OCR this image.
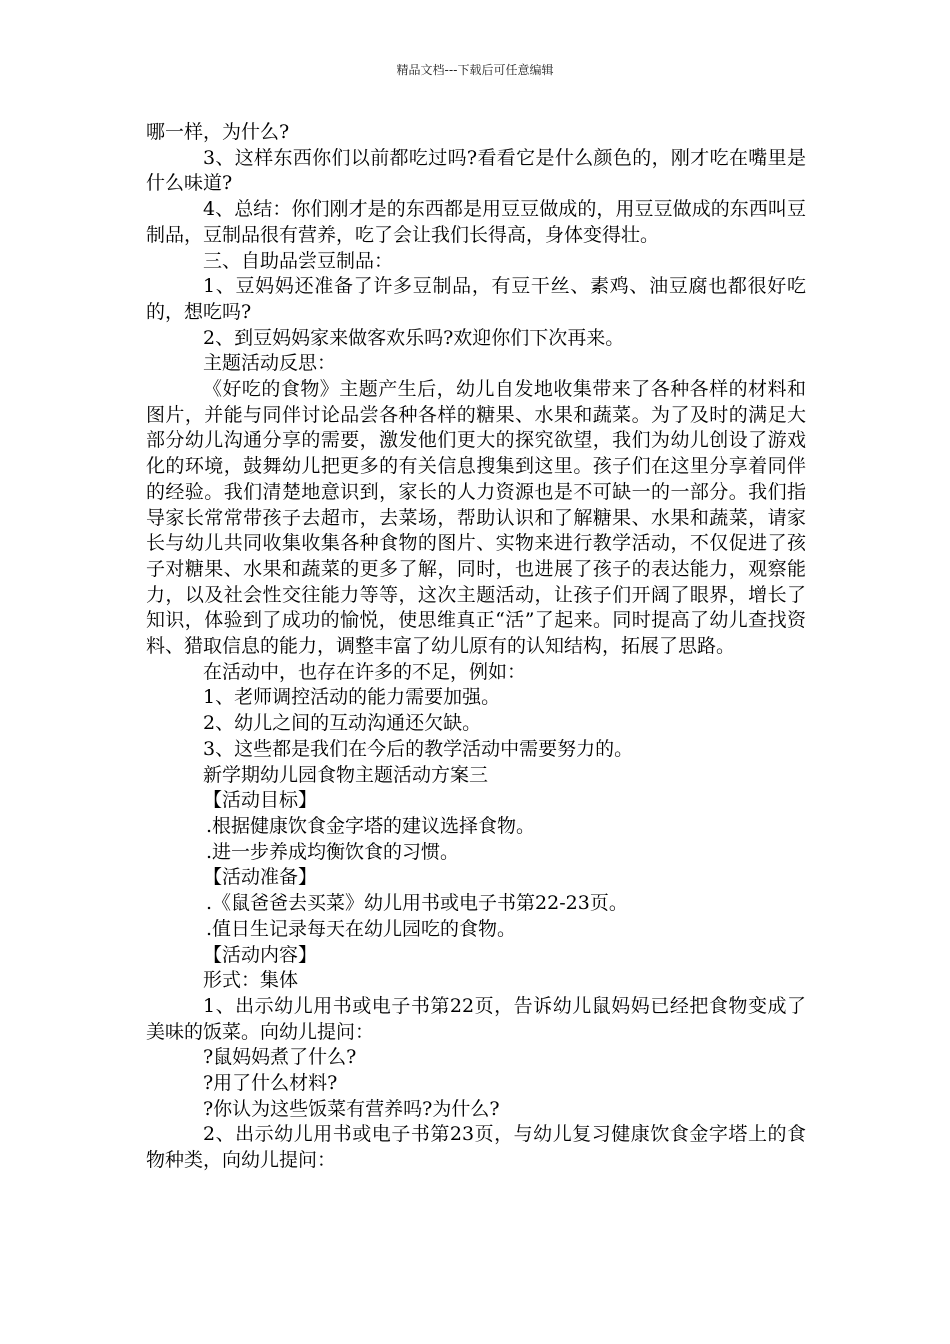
精品文档---下载后可任意编辑

哪一样，为什么?

3、这样东西你们以前都吃过吗?看看它是什么颜色的，刚才吃在嘴里是什么味道?

4、总结：你们刚才是的东西都是用豆豆做成的，用豆豆做成的东西叫豆制品，豆制品很有营养，吃了会让我们长得高，身体变得壮。

三、自助品尝豆制品：

1、豆妈妈还准备了许多豆制品，有豆干丝、素鸡、油豆腐也都很好吃的，想吃吗?

2、到豆妈妈家来做客欢乐吗?欢迎你们下次再来。

主题活动反思：

《好吃的食物》主题产生后，幼儿自发地收集带来了各种各样的材料和图片，并能与同伴讨论品尝各种各样的糖果、水果和蔬菜。为了及时的满足大部分幼儿沟通分享的需要，激发他们更大的探究欲望，我们为幼儿创设了游戏化的环境，鼓舞幼儿把更多的有关信息搜集到这里。孩子们在这里分享着同伴的经验。我们清楚地意识到，家长的人力资源也是不可缺一的一部分。我们指导家长常常带孩子去超市，去菜场，帮助认识和了解糖果、水果和蔬菜，请家长与幼儿共同收集收集各种食物的图片、实物来进行教学活动，不仅促进了孩子对糖果、水果和蔬菜的更多了解，同时，也进展了孩子的表达能力，观察能力，以及社会性交往能力等等，这次主题活动，让孩子们开阔了眼界，增长了知识，体验到了成功的愉悦，使思维真正“活”了起来。同时提高了幼儿查找资料、猎取信息的能力，调整丰富了幼儿原有的认知结构，拓展了思路。

在活动中，也存在许多的不足，例如：

1、老师调控活动的能力需要加强。

2、幼儿之间的互动沟通还欠缺。

3、这些都是我们在今后的教学活动中需要努力的。

新学期幼儿园食物主题活动方案三

【活动目标】

.根据健康饮食金字塔的建议选择食物。

.进一步养成均衡饮食的习惯。

【活动准备】

.《鼠爸爸去买菜》幼儿用书或电子书第22-23页。

.值日生记录每天在幼儿园吃的食物。

【活动内容】

形式：集体

1、出示幼儿用书或电子书第22页，告诉幼儿鼠妈妈已经把食物变成了美味的饭菜。向幼儿提问：

?鼠妈妈煮了什么?

?用了什么材料?

?你认为这些饭菜有营养吗?为什么?

2、出示幼儿用书或电子书第23页，与幼儿复习健康饮食金字塔上的食物种类，向幼儿提问：
